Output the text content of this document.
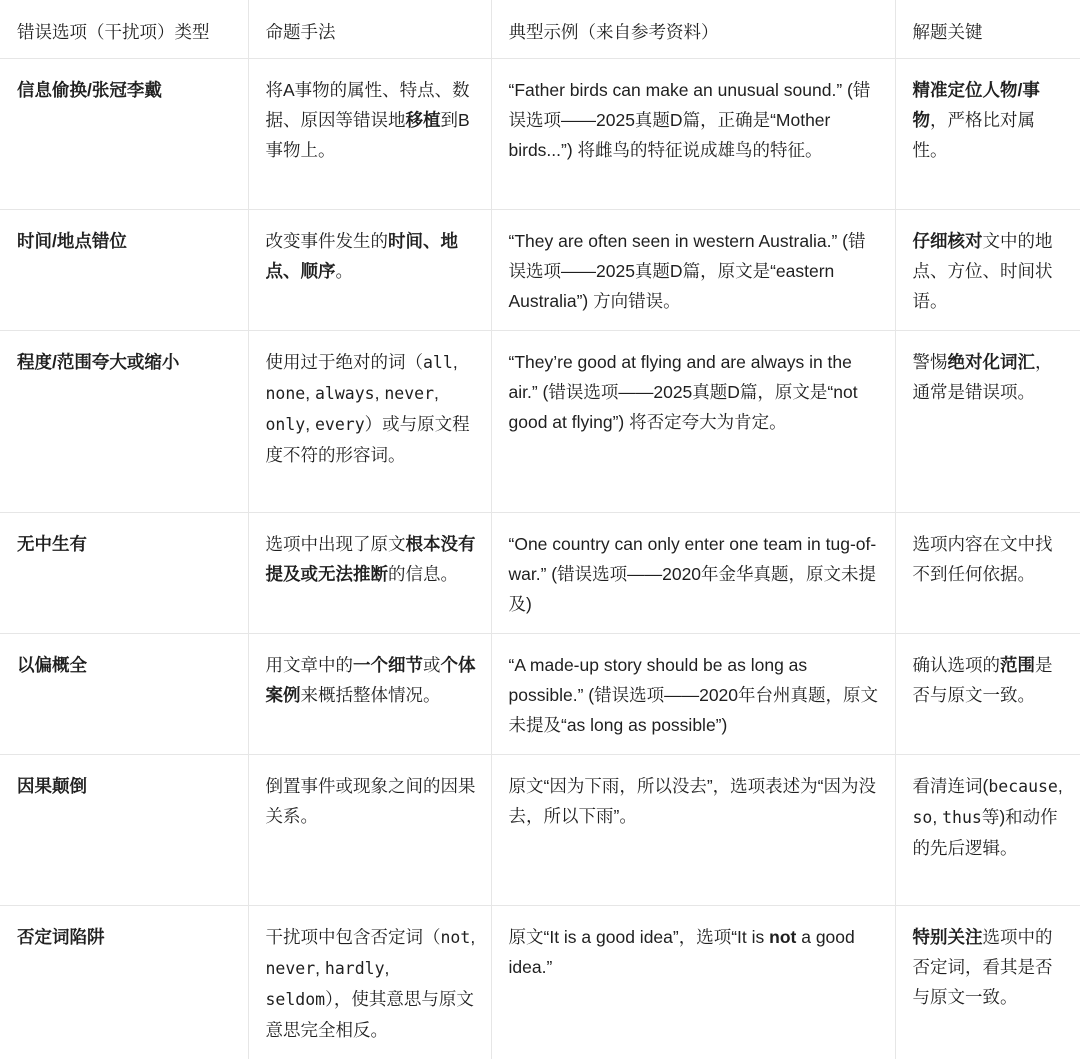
错误选项（干扰项）类型	命题手法	典型示例（来自参考资料）	解题关键
信息偷换/张冠李戴	将A事物的属性、特点、数据、原因等错误地移植到B事物上。	“Father birds can make an unusual sound.” (错误选项——2025真题D篇，正确是“Mother birds...”) 将雌鸟的特征说成雄鸟的特征。	精准定位人物/事物，严格比对属性。
时间/地点错位	改变事件发生的时间、地点、顺序。	“They are often seen in western Australia.” (错误选项——2025真题D篇，原文是“eastern Australia”) 方向错误。	仔细核对文中的地点、方位、时间状语。
程度/范围夸大或缩小	使用过于绝对的词（all, none, always, never, only, every）或与原文程度不符的形容词。	“They’re good at flying and are always in the air.” (错误选项——2025真题D篇，原文是“not good at flying”) 将否定夸大为肯定。	警惕绝对化词汇，通常是错误项。
无中生有	选项中出现了原文根本没有提及或无法推断的信息。	“One country can only enter one team in tug-of-war.” (错误选项——2020年金华真题，原文未提及)	选项内容在文中找不到任何依据。
以偏概全	用文章中的一个细节或个体案例来概括整体情况。	“A made-up story should be as long as possible.” (错误选项——2020年台州真题，原文未提及“as long as possible”)	确认选项的范围是否与原文一致。
因果颠倒	倒置事件或现象之间的因果关系。	原文“因为下雨，所以没去”，选项表述为“因为没去，所以下雨”。	看清连词(because, so, thus等)和动作的先后逻辑。
否定词陷阱	干扰项中包含否定词（not, never, hardly, seldom），使其意思与原文意思完全相反。	原文“It is a good idea”，选项“It is not a good idea.”	特别关注选项中的否定词，看其是否与原文一致。
